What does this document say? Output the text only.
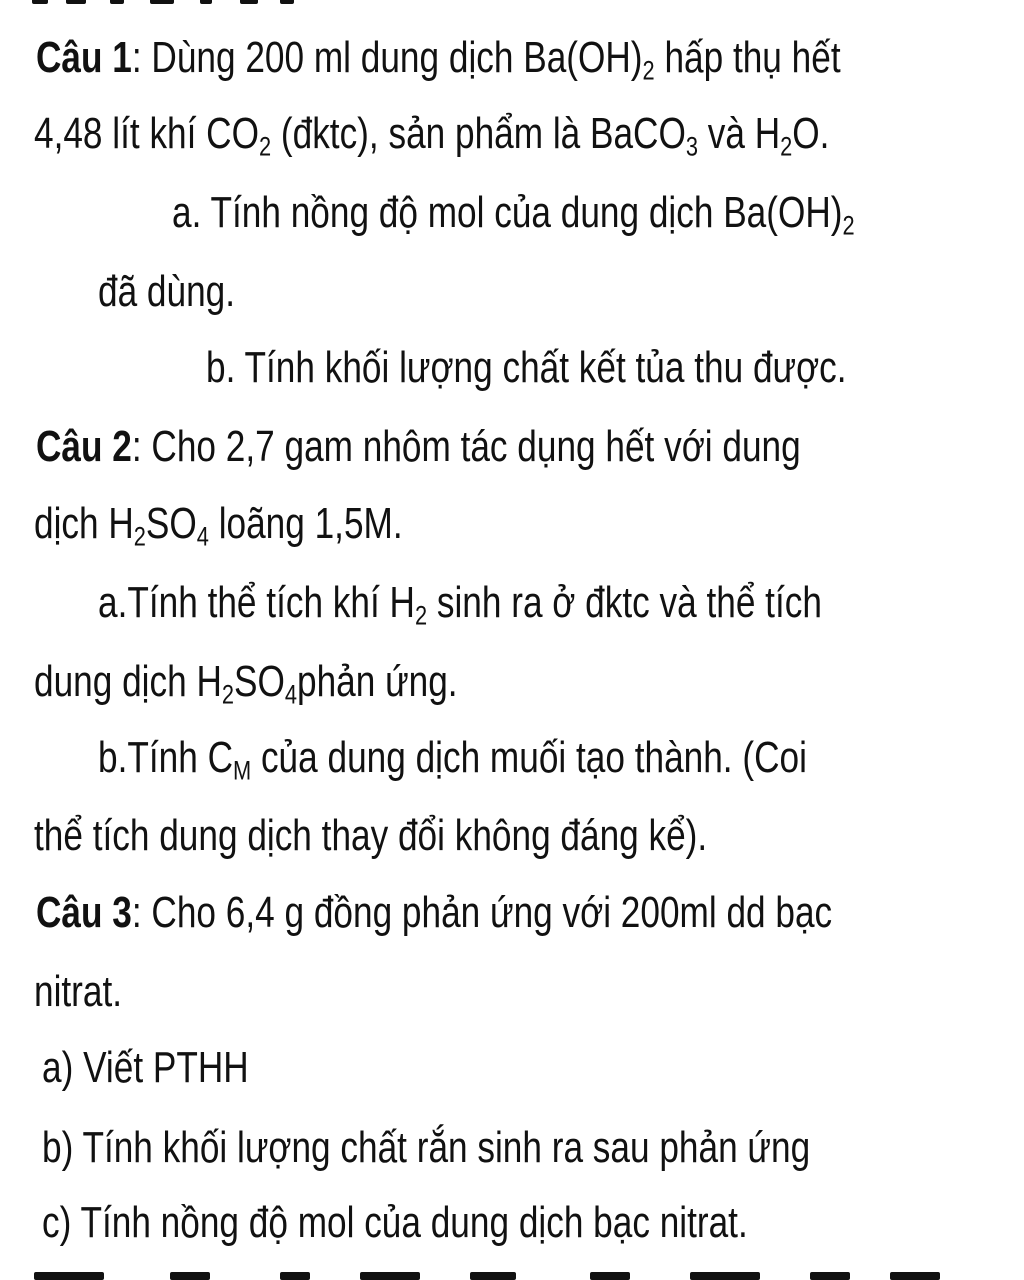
Câu 1: Dùng 200 ml dung dịch $Ba(OH)_2$ hấp thụ hết

4,48 lít khí $CO_2$ (đktc), sản phẩm là BaCO$_3$ và $H_2O$.

a. Tính nồng độ mol của dung dịch $Ba(OH)_2$

đã dùng.

b. Tính khối lượng chất kết tủa thu được.

Câu 2: Cho 2,7 gam nhôm tác dụng hết với dung

dịch $H_2SO_4$ loãng 1,5M.

a.Tính thể tích khí $H_2$ sinh ra ở đktc và thể tích

dung dịch $H_2SO_4phản$ ứng.

b.Tính $C_M$ của dung dịch muối tạo thành. (Coi

thể tích dung dịch thay đổi không đáng kể).

Câu 3: Cho 6,4 g đồng phản ứng với 200ml dd bạc

nitrat.

a) Viết PTHH

b) Tính khối lượng chất rắn sinh ra sau phản ứng

c) Tính nồng độ mol của dung dịch bạc nitrat.
